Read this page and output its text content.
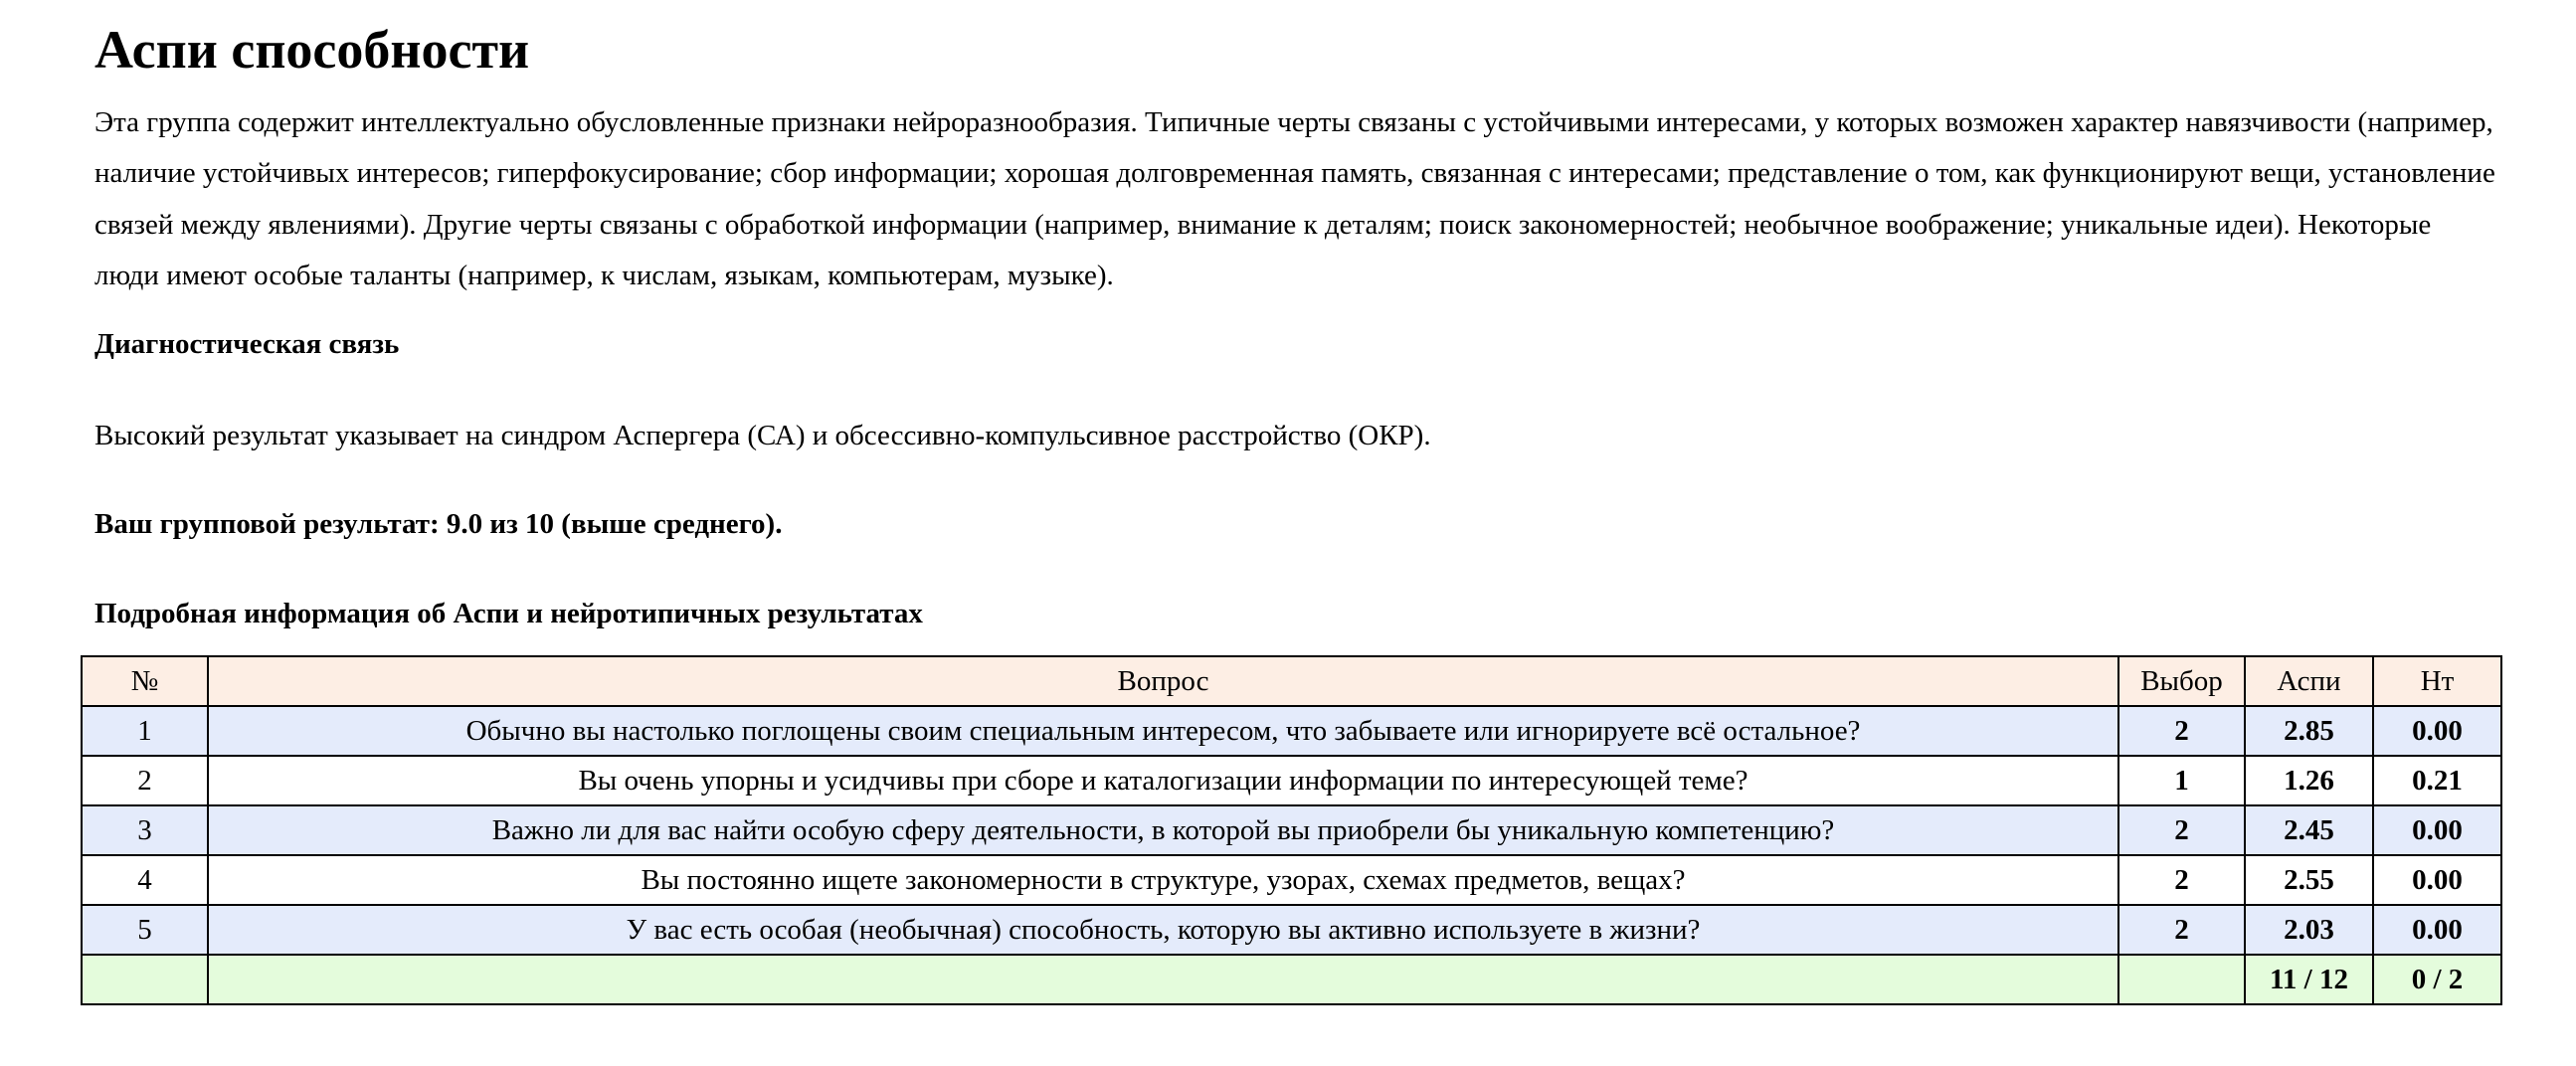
Аспи способности

Эта группа содержит интеллектуально обусловленные признаки нейроразнообразия. Типичные черты связаны с устойчивыми интересами, у которых возможен характер навязчивости (например, наличие устойчивых интересов; гиперфокусирование; сбор информации; хорошая долговременная память, связанная с интересами; представление о том, как функционируют вещи, установление связей между явлениями). Другие черты связаны с обработкой информации (например, внимание к деталям; поиск закономерностей; необычное воображение; уникальные идеи). Некоторые люди имеют особые таланты (например, к числам, языкам, компьютерам, музыке).

Диагностическая связь

Высокий результат указывает на синдром Аспергера (СА) и обсессивно-компульсивное расстройство (ОКР).

Ваш групповой результат: 9.0 из 10 (выше среднего).

Подробная информация об Аспи и нейротипичных результатах

№	Вопрос	Выбор	Аспи	Нт
1	Обычно вы настолько поглощены своим специальным интересом, что забываете или игнорируете всё остальное?	2	2.85	0.00
2	Вы очень упорны и усидчивы при сборе и каталогизации информации по интересующей теме?	1	1.26	0.21
3	Важно ли для вас найти особую сферу деятельности, в которой вы приобрели бы уникальную компетенцию?	2	2.45	0.00
4	Вы постоянно ищете закономерности в структуре, узорах, схемах предметов, вещах?	2	2.55	0.00
5	У вас есть особая (необычная) способность, которую вы активно используете в жизни?	2	2.03	0.00
			11 / 12	0 / 2
